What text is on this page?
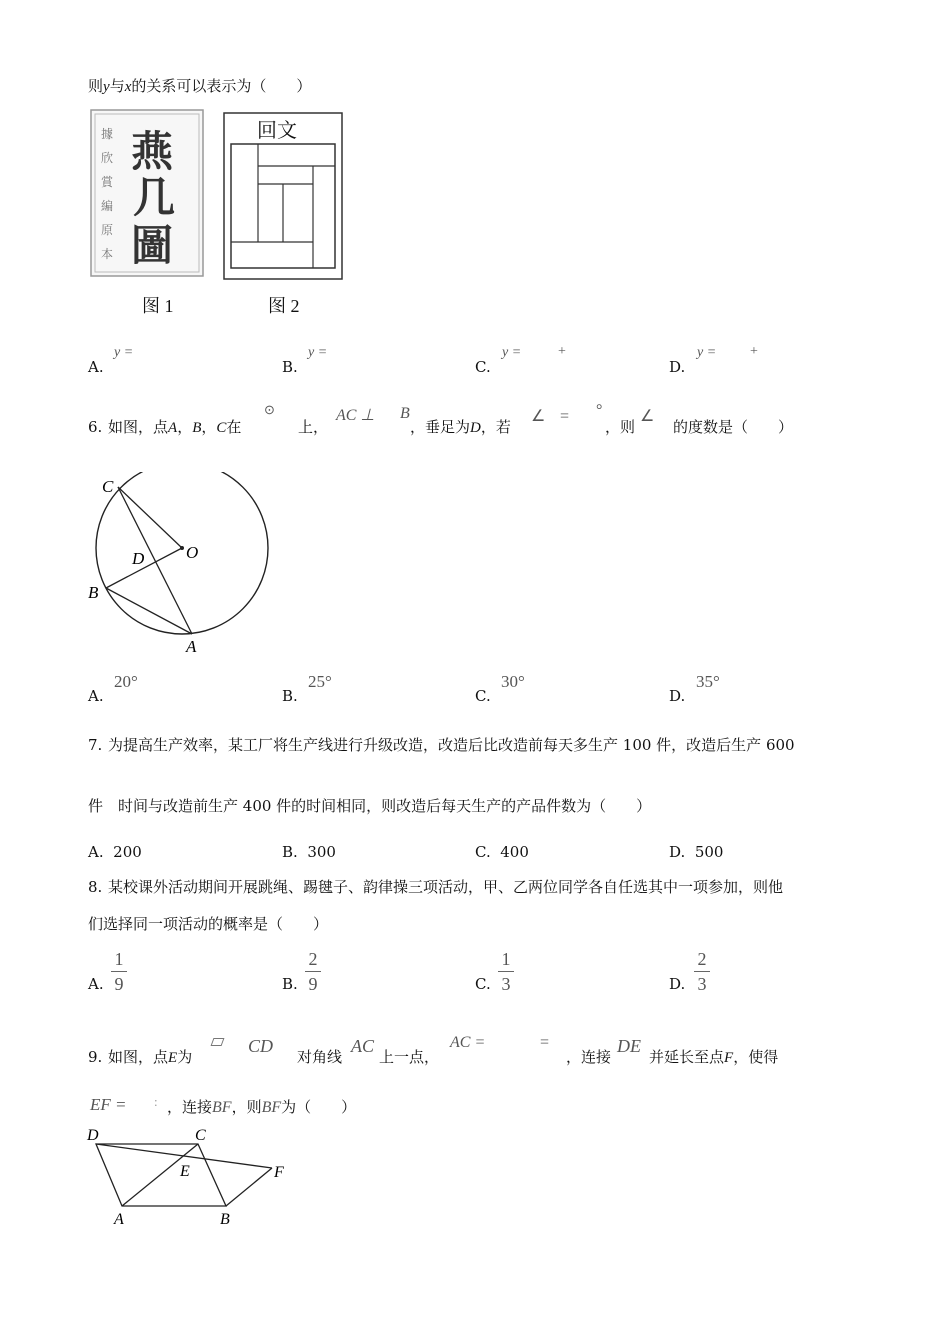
则y与x的关系可以表示为（　　）
據
欣
賞
編
原
本
燕
几
圖
图 1
回文
图 2
A.
y =
B.
y =
C.
y =	+
D.
y = +
6. 如图，点A，B，C在
⊙
上，
AC ⊥ B
，垂足为D，若
∠ = °
，则
∠
的度数是（　　）
C
D O
B
A
A.
20°
B.
25°
C.
30°
D.
35°
7. 为提高生产效率，某工厂将生产线进行升级改造，改造后比改造前每天多生产 100 件，改造后生产 600
件　时间与改造前生产 400 件的时间相同，则改造后每天生产的产品件数为（　　）
A. 200	B. 300	C. 400	D. 500
8. 某校课外活动期间开展跳绳、踢毽子、韵律操三项活动，甲、乙两位同学各自任选其中一项参加，则他
们选择同一项活动的概率是（　　）
A.
1
9	B.
2
9	C.
1
3	D.
2
3
9. 如图，点E为
CD
对角线
AC
上一点，
AC =	=
，连接
DE
并延长至点F，使得
EF = : ，连接BF，则BF为（　　）
D	C
E	F
A	B
